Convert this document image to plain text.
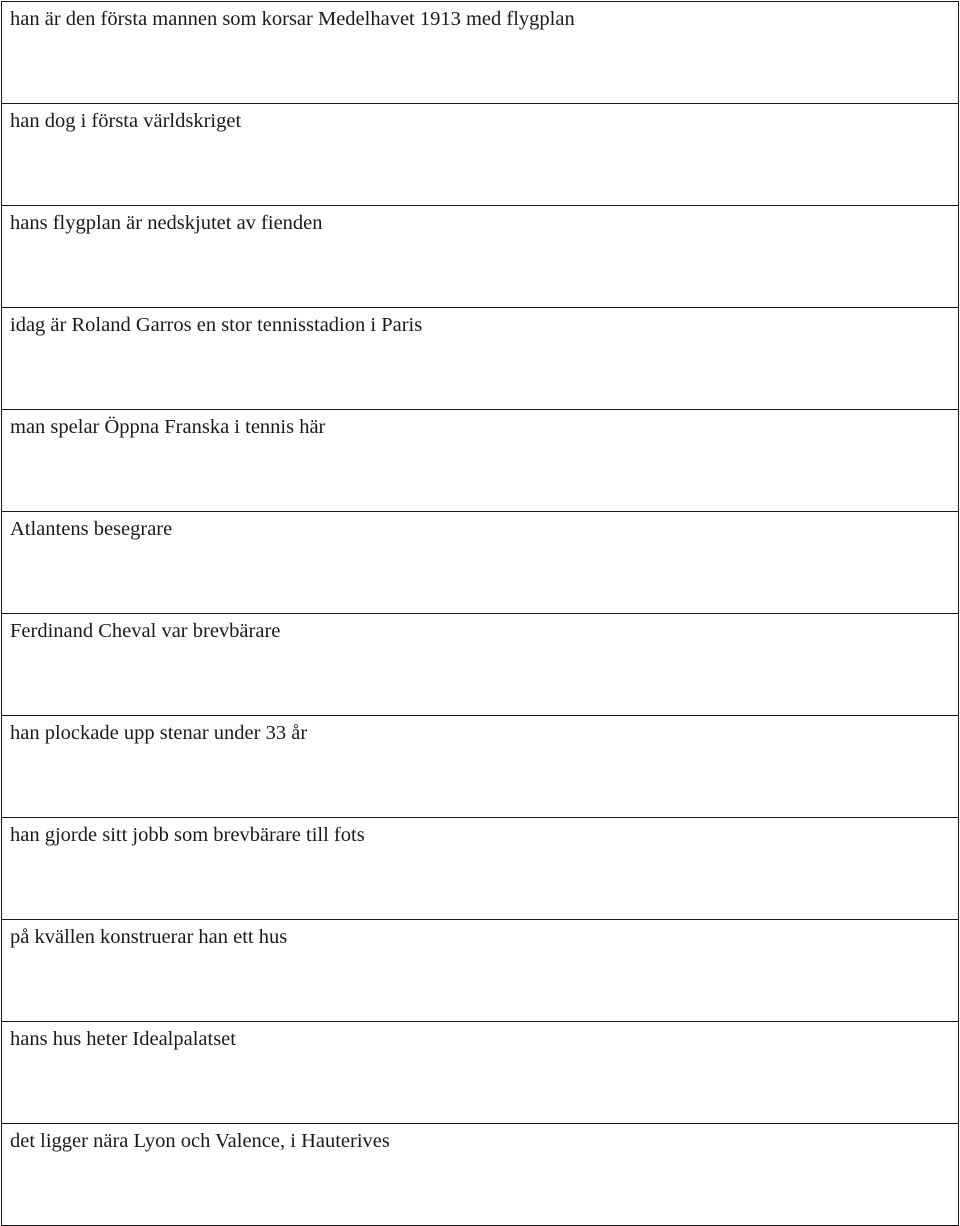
han är den första mannen som korsar Medelhavet 1913 med flygplan
han dog i första världskriget
hans flygplan är nedskjutet av fienden
idag är Roland Garros en stor tennisstadion i Paris
man spelar Öppna Franska i tennis här
Atlantens besegrare
Ferdinand Cheval var brevbärare
han plockade upp stenar under 33 år
han gjorde sitt jobb som brevbärare till fots
på kvällen konstruerar han ett hus
hans hus heter Idealpalatset
det ligger nära Lyon och Valence, i Hauterives
